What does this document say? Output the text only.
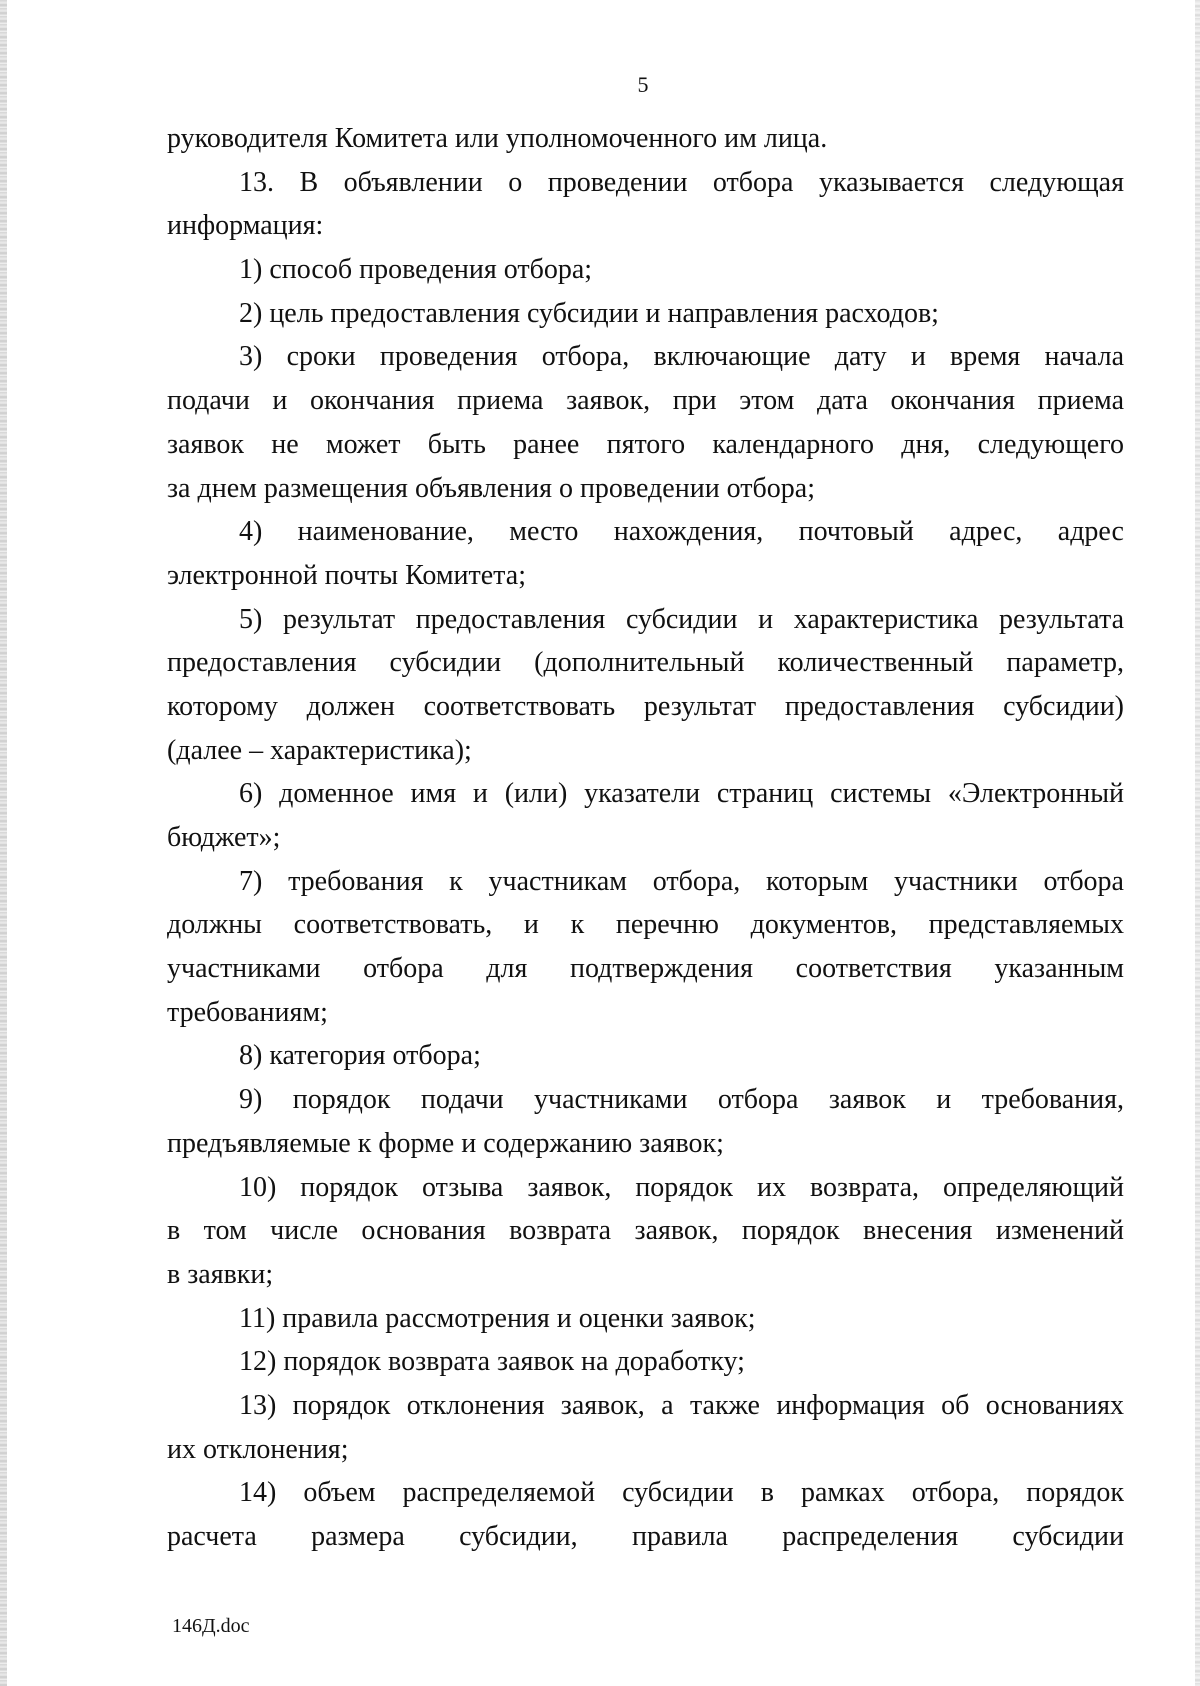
5
руководителя Комитета или уполномоченного им лица.
13. В объявлении о проведении отбора указывается следующая
информация:
1) способ проведения отбора;
2) цель предоставления субсидии и направления расходов;
3) сроки проведения отбора, включающие дату и время начала
подачи и окончания приема заявок, при этом дата окончания приема
заявок не может быть ранее пятого календарного дня, следующего
за днем размещения объявления о проведении отбора;
4) наименование, место нахождения, почтовый адрес, адрес
электронной почты Комитета;
5) результат предоставления субсидии и характеристика результата
предоставления субсидии (дополнительный количественный параметр,
которому должен соответствовать результат предоставления субсидии)
(далее – характеристика);
6) доменное имя и (или) указатели страниц системы «Электронный
бюджет»;
7) требования к участникам отбора, которым участники отбора
должны соответствовать, и к перечню документов, представляемых
участниками отбора для подтверждения соответствия указанным
требованиям;
8) категория отбора;
9) порядок подачи участниками отбора заявок и требования,
предъявляемые к форме и содержанию заявок;
10) порядок отзыва заявок, порядок их возврата, определяющий
в том числе основания возврата заявок, порядок внесения изменений
в заявки;
11) правила рассмотрения и оценки заявок;
12) порядок возврата заявок на доработку;
13) порядок отклонения заявок, а также информация об основаниях
их отклонения;
14) объем распределяемой субсидии в рамках отбора, порядок
расчета размера субсидии, правила распределения субсидии
146Д.doc
